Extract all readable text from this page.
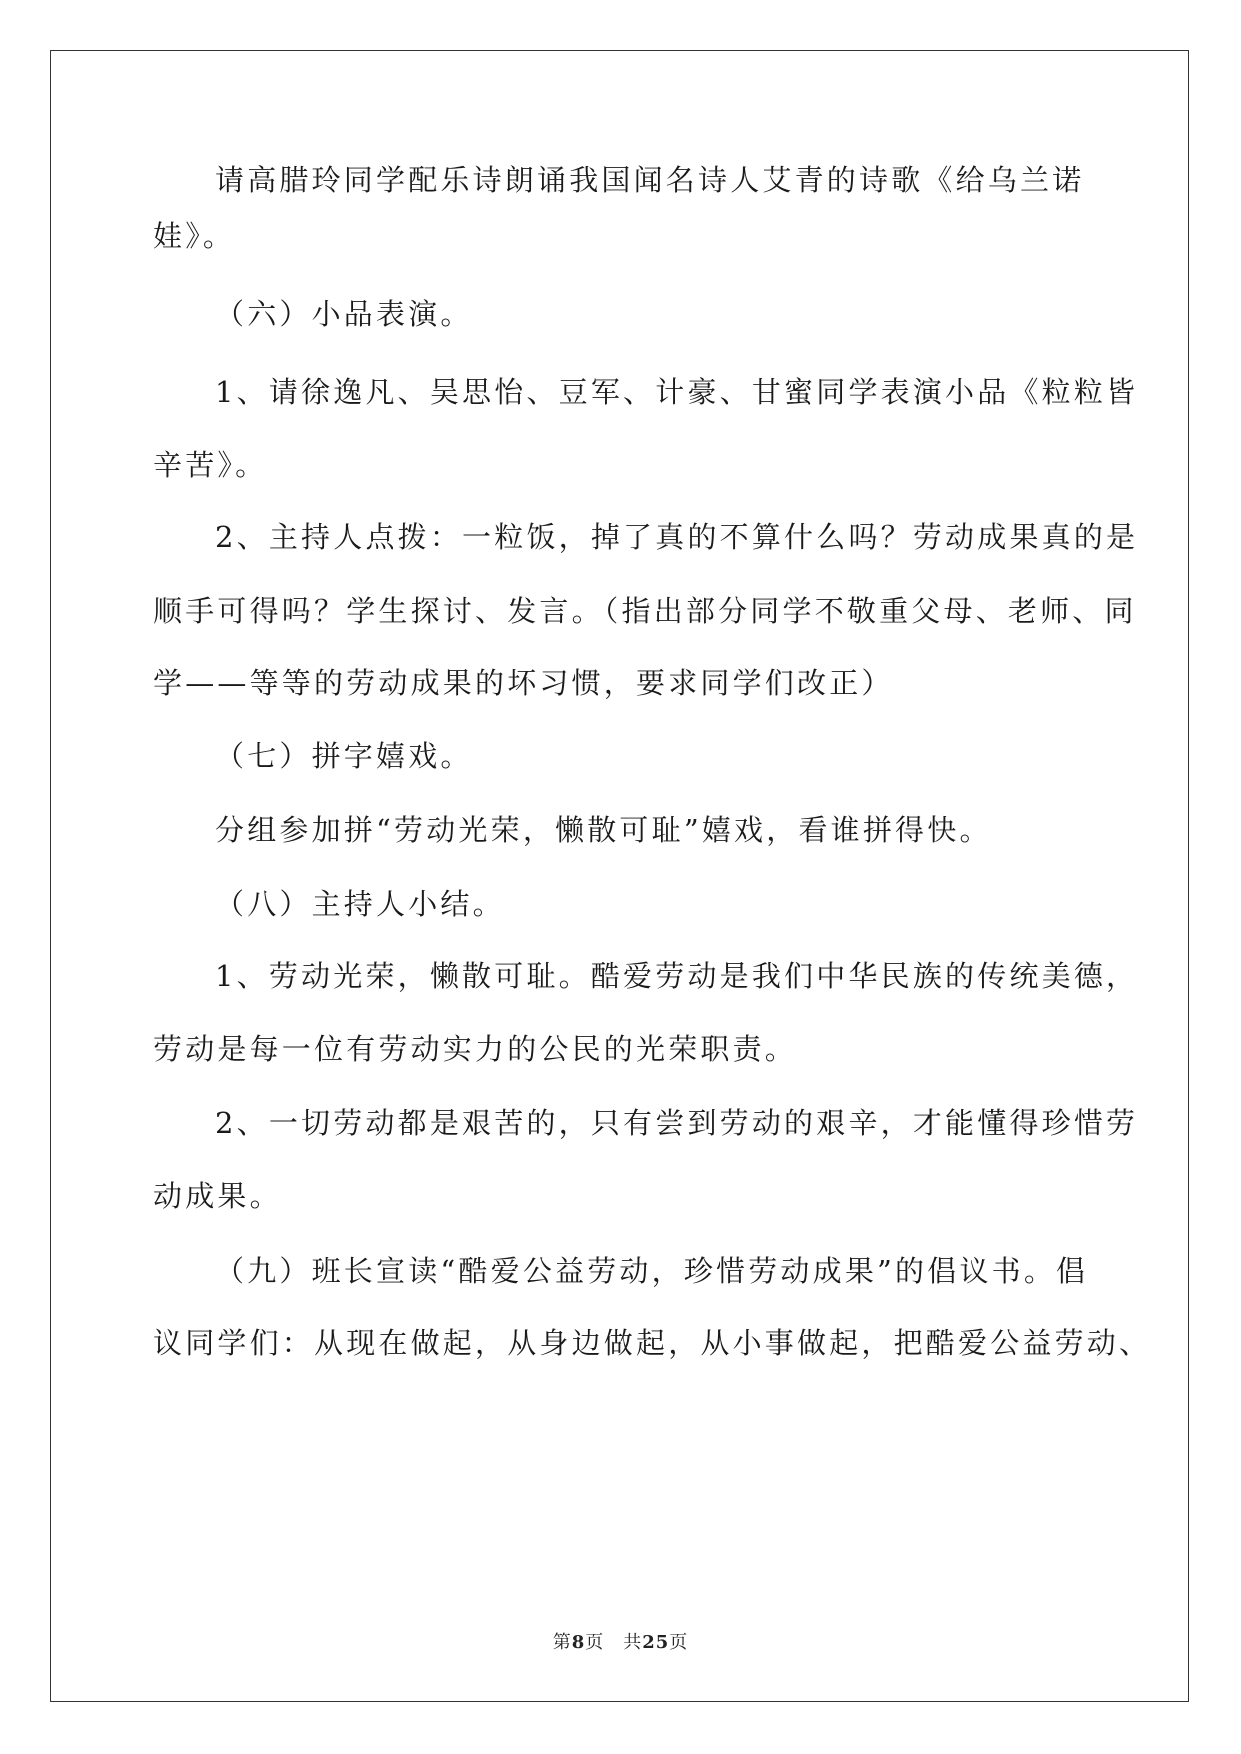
请高腊玲同学配乐诗朗诵我国闻名诗人艾青的诗歌《给乌兰诺
娃》。
（六）小品表演。
1、请徐逸凡、吴思怡、豆军、计豪、甘蜜同学表演小品《粒粒皆
辛苦》。
2、主持人点拨：一粒饭，掉了真的不算什么吗？劳动成果真的是
顺手可得吗？学生探讨、发言。（指出部分同学不敬重父母、老师、同
学——等等的劳动成果的坏习惯，要求同学们改正）
（七）拼字嬉戏。
分组参加拼“劳动光荣，懒散可耻”嬉戏，看谁拼得快。
（八）主持人小结。
1、劳动光荣，懒散可耻。酷爱劳动是我们中华民族的传统美德，
劳动是每一位有劳动实力的公民的光荣职责。
2、一切劳动都是艰苦的，只有尝到劳动的艰辛，才能懂得珍惜劳
动成果。
（九）班长宣读“酷爱公益劳动，珍惜劳动成果”的倡议书。倡
议同学们：从现在做起，从身边做起，从小事做起，把酷爱公益劳动、
第8页　共25页
